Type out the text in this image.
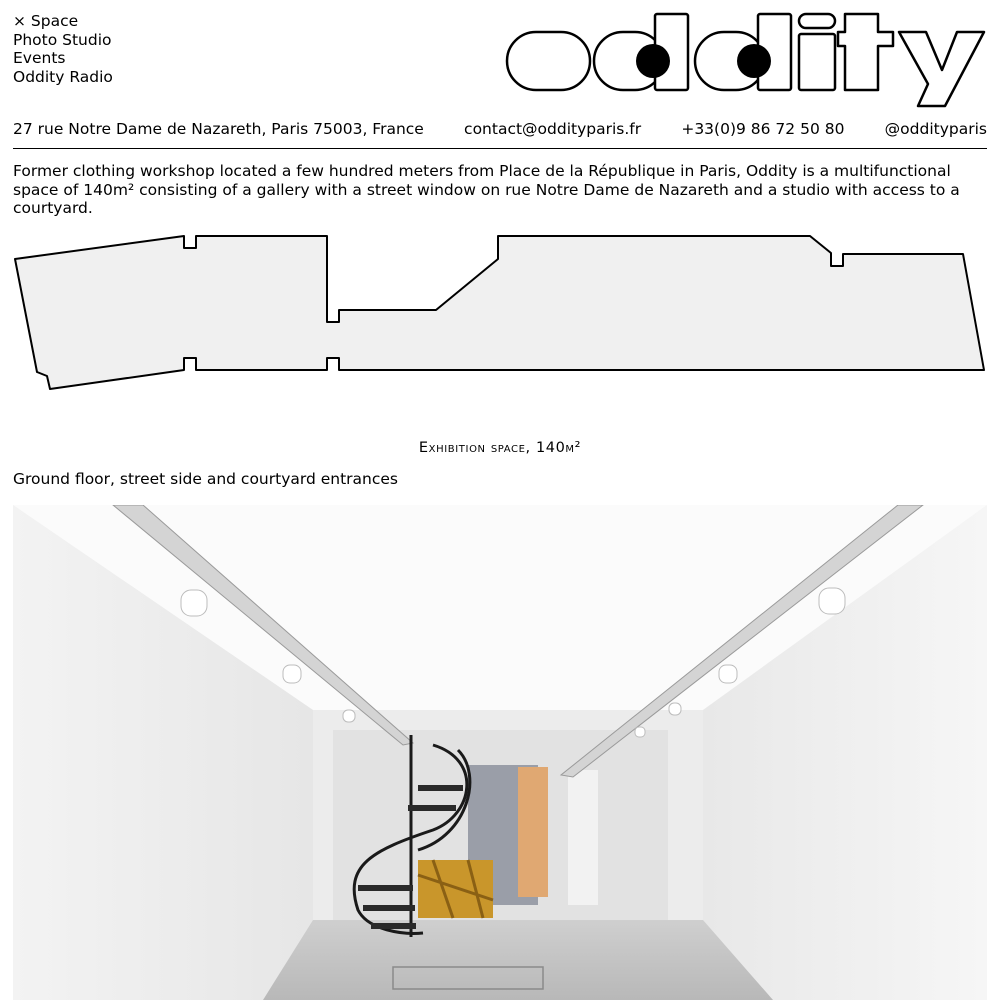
× Space
Photo Studio
Events
Oddity Radio
oddity
27 rue Notre Dame de Nazareth, Paris 75003, France	contact@oddityparis.fr	+33(0)9 86 72 50 80	@oddityparis

Former clothing workshop located a few hundred meters from Place de la République in Paris, Oddity is a multifunctional space of 140m² consisting of a gallery with a street window on rue Notre Dame de Nazareth and a studio with access to a courtyard.

Exhibition space, 140m²
Ground floor, street side and courtyard entrances
